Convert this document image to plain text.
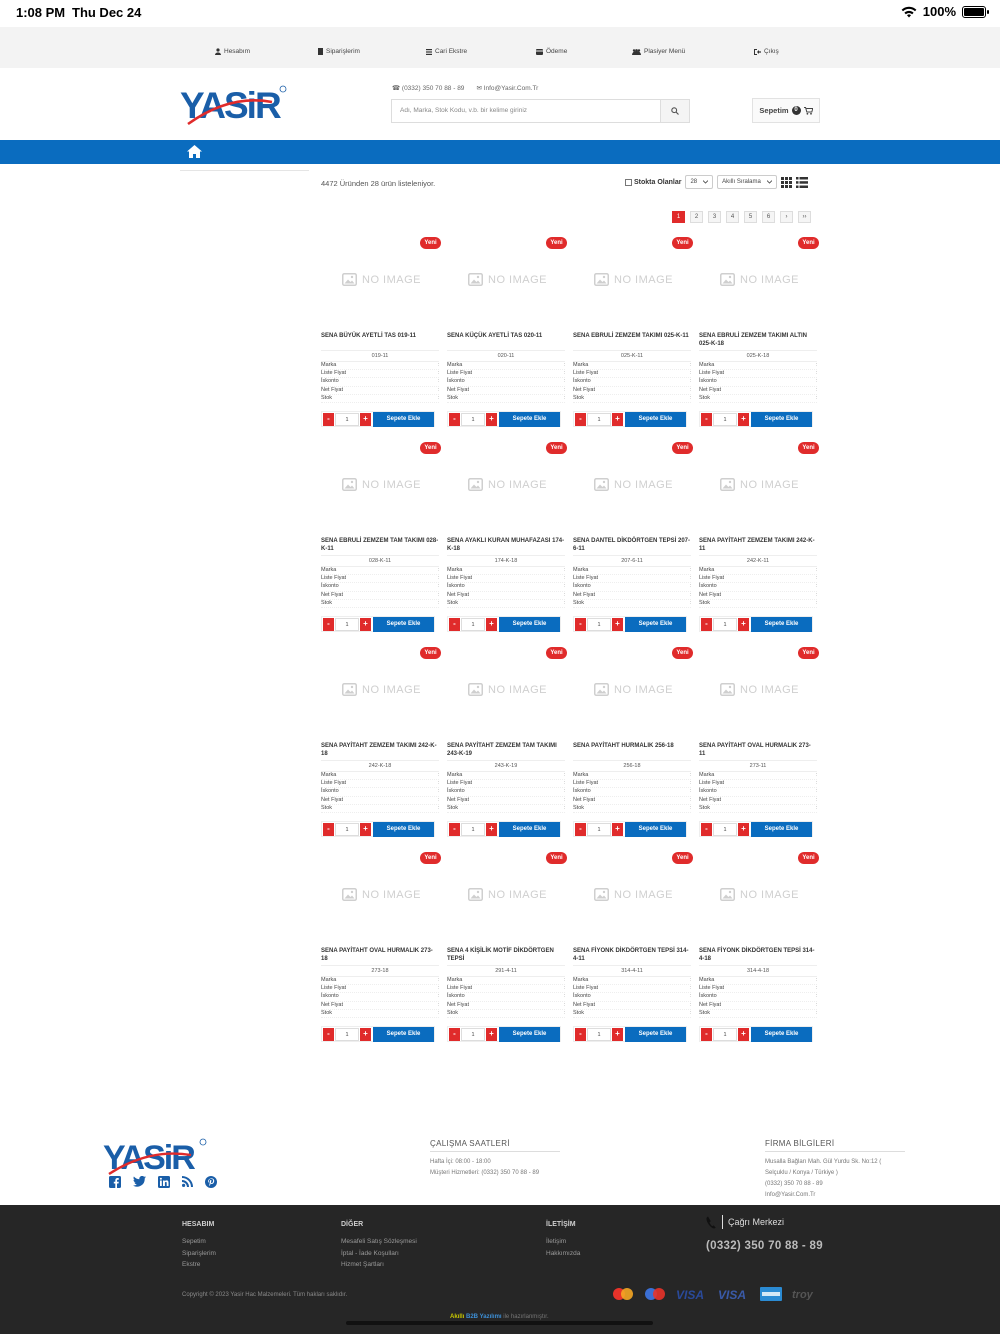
1:08 PM Thu Dec 24	100%
Hesabım	Siparişlerim	Cari Ekstre	Ödeme	Plasiyer Menü	Çıkış
YASiR	☎ (0332) 350 70 88 - 89 ✉ Info@Yasir.Com.Tr
Adı, Marka, Stok Kodu, v.b. bir kelime giriniz	Sepetim 0
4472 Üründen 28 ürün listeleniyor.	Stokta Olanlar 28	Akıllı Sıralama
1	2	3	4	5	6	›	››
Yeni
NO IMAGE
SENA BÜYÜK AYETLİ TAS 019-11
019-11
Marka	:
Liste Fiyat	:
İskonto	:
Net Fiyat	:
Stok	:
-	1	+	Sepete Ekle
Yeni
NO IMAGE
SENA KÜÇÜK AYETLİ TAS 020-11
020-11
Marka	:
Liste Fiyat	:
İskonto	:
Net Fiyat	:
Stok	:
-	1	+	Sepete Ekle
Yeni
NO IMAGE
SENA EBRULİ ZEMZEM TAKIMI 025-K-11
025-K-11
Marka	:
Liste Fiyat	:
İskonto	:
Net Fiyat	:
Stok	:
-	1	+	Sepete Ekle
Yeni
NO IMAGE
SENA EBRULİ ZEMZEM TAKIMI ALTIN 025-K-18
025-K-18
Marka	:
Liste Fiyat	:
İskonto	:
Net Fiyat	:
Stok	:
-	1	+	Sepete Ekle
Yeni
NO IMAGE
SENA EBRULİ ZEMZEM TAM TAKIMI 028-K-11
028-K-11
Marka	:
Liste Fiyat	:
İskonto	:
Net Fiyat	:
Stok	:
-	1	+	Sepete Ekle
Yeni
NO IMAGE
SENA AYAKLI KURAN MUHAFAZASI 174-K-18
174-K-18
Marka	:
Liste Fiyat	:
İskonto	:
Net Fiyat	:
Stok	:
-	1	+	Sepete Ekle
Yeni
NO IMAGE
SENA DANTEL DİKDÖRTGEN TEPSİ 207-6-11
207-6-11
Marka	:
Liste Fiyat	:
İskonto	:
Net Fiyat	:
Stok	:
-	1	+	Sepete Ekle
Yeni
NO IMAGE
SENA PAYİTAHT ZEMZEM TAKIMI 242-K-11
242-K-11
Marka	:
Liste Fiyat	:
İskonto	:
Net Fiyat	:
Stok	:
-	1	+	Sepete Ekle
Yeni
NO IMAGE
SENA PAYİTAHT ZEMZEM TAKIMI 242-K-18
242-K-18
Marka	:
Liste Fiyat	:
İskonto	:
Net Fiyat	:
Stok	:
-	1	+	Sepete Ekle
Yeni
NO IMAGE
SENA PAYİTAHT ZEMZEM TAM TAKIMI 243-K-19
243-K-19
Marka	:
Liste Fiyat	:
İskonto	:
Net Fiyat	:
Stok	:
-	1	+	Sepete Ekle
Yeni
NO IMAGE
SENA PAYİTAHT HURMALIK 256-18
256-18
Marka	:
Liste Fiyat	:
İskonto	:
Net Fiyat	:
Stok	:
-	1	+	Sepete Ekle
Yeni
NO IMAGE
SENA PAYİTAHT OVAL HURMALIK 273-11
273-11
Marka	:
Liste Fiyat	:
İskonto	:
Net Fiyat	:
Stok	:
-	1	+	Sepete Ekle
Yeni
NO IMAGE
SENA PAYİTAHT OVAL HURMALIK 273-18
273-18
Marka	:
Liste Fiyat	:
İskonto	:
Net Fiyat	:
Stok	:
-	1	+	Sepete Ekle
Yeni
NO IMAGE
SENA 4 KİŞİLİK MOTİF DİKDÖRTGEN TEPSİ
291-4-11
Marka	:
Liste Fiyat	:
İskonto	:
Net Fiyat	:
Stok	:
-	1	+	Sepete Ekle
Yeni
NO IMAGE
SENA FİYONK DİKDÖRTGEN TEPSİ 314-4-11
314-4-11
Marka	:
Liste Fiyat	:
İskonto	:
Net Fiyat	:
Stok	:
-	1	+	Sepete Ekle
Yeni
NO IMAGE
SENA FİYONK DİKDÖRTGEN TEPSİ 314-4-18
314-4-18
Marka	:
Liste Fiyat	:
İskonto	:
Net Fiyat	:
Stok	:
-	1	+	Sepete Ekle
YASiR	ÇALIŞMA SAATLERİ

Hafta İçi: 08:00 - 18:00

Müşteri Hizmetleri: (0332) 350 70 88 - 89

FİRMA BİLGİLERİ

Musalla Bağları Mah. Gül Yurdu Sk. No:12 ( Selçuklu / Konya / Türkiye )

(0332) 350 70 88 - 89

Info@Yasir.Com.Tr

HESABIM

Sepetim

Siparişlerim

Ekstre

DİĞER

Mesafeli Satış Sözleşmesi

İptal - İade Koşulları

Hizmet Şartları

İLETİŞİM

İletişim

Hakkımızda

Çağrı Merkezi
(0332) 350 70 88 - 89
Copyright © 2023 Yasir Hac Malzemeleri. Tüm hakları saklıdır.	VISA VISA	troy
Akıllı B2B Yazılımı ile hazırlanmıştır.
